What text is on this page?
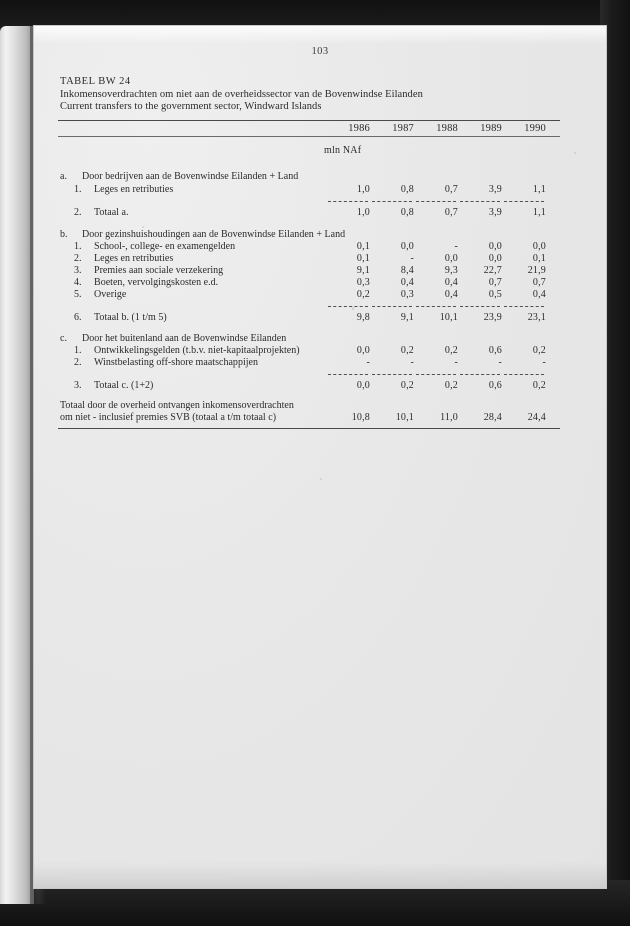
103
TABEL BW 24
Inkomensoverdrachten om niet aan de overheidssector van de Bovenwindse Eilanden
Current transfers to the government sector, Windward Islands
1986	1987	1988	1989	1990
mln NAf
a. Door bedrijven aan de Bovenwindse Eilanden + Land
1. Leges en retributies	1,0	0,8	0,7	3,9	1,1
2. Totaal a.	1,0	0,8	0,7	3,9	1,1
b. Door gezinshuishoudingen aan de Bovenwindse Eilanden + Land
1. School-, college- en examengelden	0,1	0,0	-	0,0	0,0
2. Leges en retributies	0,1	-	0,0	0,0	0,1
3. Premies aan sociale verzekering	9,1	8,4	9,3	22,7	21,9
4. Boeten, vervolgingskosten e.d.	0,3	0,4	0,4	0,7	0,7
5. Overige	0,2	0,3	0,4	0,5	0,4
6. Totaal b. (1 t/m 5)	9,8	9,1	10,1	23,9	23,1
c. Door het buitenland aan de Bovenwindse Eilanden
1. Ontwikkelingsgelden (t.b.v. niet-kapitaalprojekten)	0,0	0,2	0,2	0,6	0,2
2. Winstbelasting off-shore maatschappijen	-	-	-	-	-
3. Totaal c. (1+2)	0,0	0,2	0,2	0,6	0,2
Totaal door de overheid ontvangen inkomensoverdrachten
om niet - inclusief premies SVB (totaal a t/m totaal c)	10,8	10,1	11,0	28,4	24,4
